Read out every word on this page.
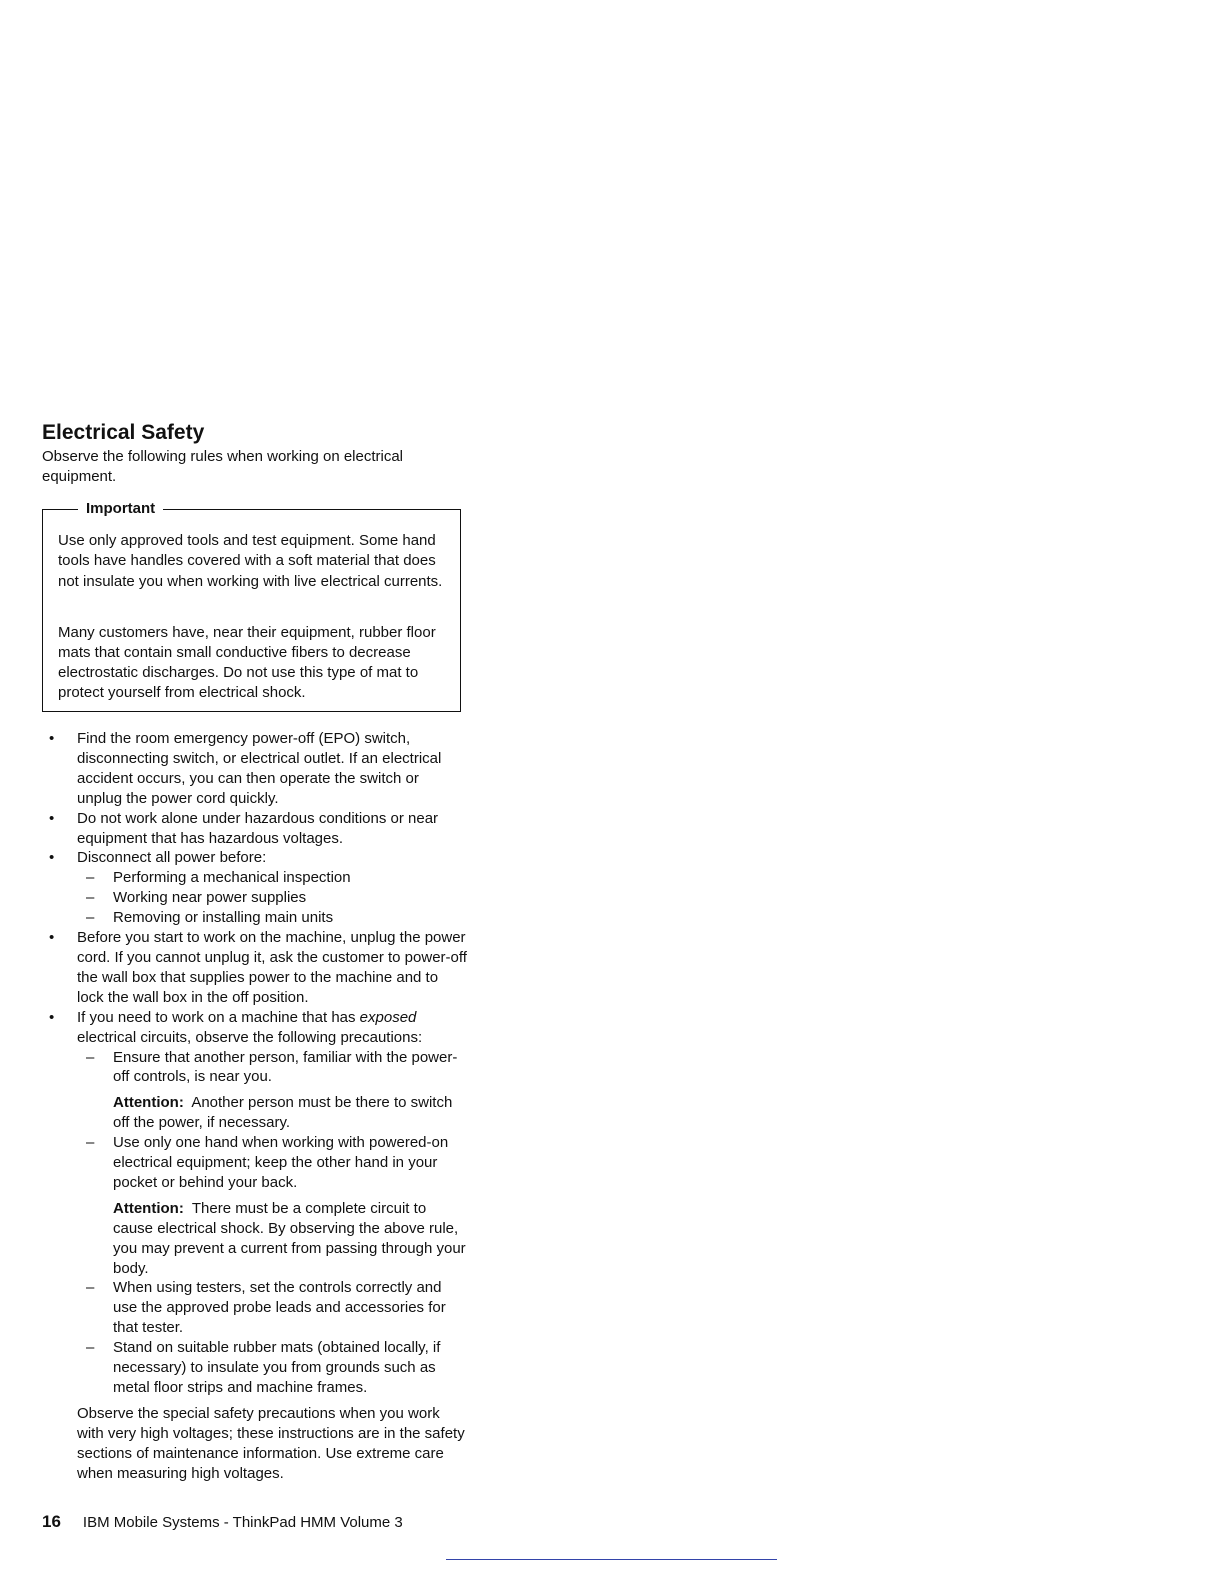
Electrical Safety

Observe the following rules when working on electrical equipment.

Important

Use only approved tools and test equipment. Some hand tools have handles covered with a soft material that does not insulate you when working with live electrical currents.

Many customers have, near their equipment, rubber floor mats that contain small conductive fibers to decrease electrostatic discharges. Do not use this type of mat to protect yourself from electrical shock.

• Find the room emergency power-off (EPO) switch, disconnecting switch, or electrical outlet. If an electrical accident occurs, you can then operate the switch or unplug the power cord quickly.

• Do not work alone under hazardous conditions or near equipment that has hazardous voltages.

• Disconnect all power before:

– Performing a mechanical inspection

– Working near power supplies

– Removing or installing main units

• Before you start to work on the machine, unplug the power cord. If you cannot unplug it, ask the customer to power-off the wall box that supplies power to the machine and to lock the wall box in the off position.

• If you need to work on a machine that has exposed electrical circuits, observe the following precautions:

– Ensure that another person, familiar with the power-off controls, is near you.

Attention: Another person must be there to switch off the power, if necessary.

– Use only one hand when working with powered-on electrical equipment; keep the other hand in your pocket or behind your back.

Attention: There must be a complete circuit to cause electrical shock. By observing the above rule, you may prevent a current from passing through your body.

– When using testers, set the controls correctly and use the approved probe leads and accessories for that tester.

– Stand on suitable rubber mats (obtained locally, if necessary) to insulate you from grounds such as metal floor strips and machine frames.

Observe the special safety precautions when you work with very high voltages; these instructions are in the safety sections of maintenance information. Use extreme care when measuring high voltages.

16 IBM Mobile Systems - ThinkPad HMM Volume 3
